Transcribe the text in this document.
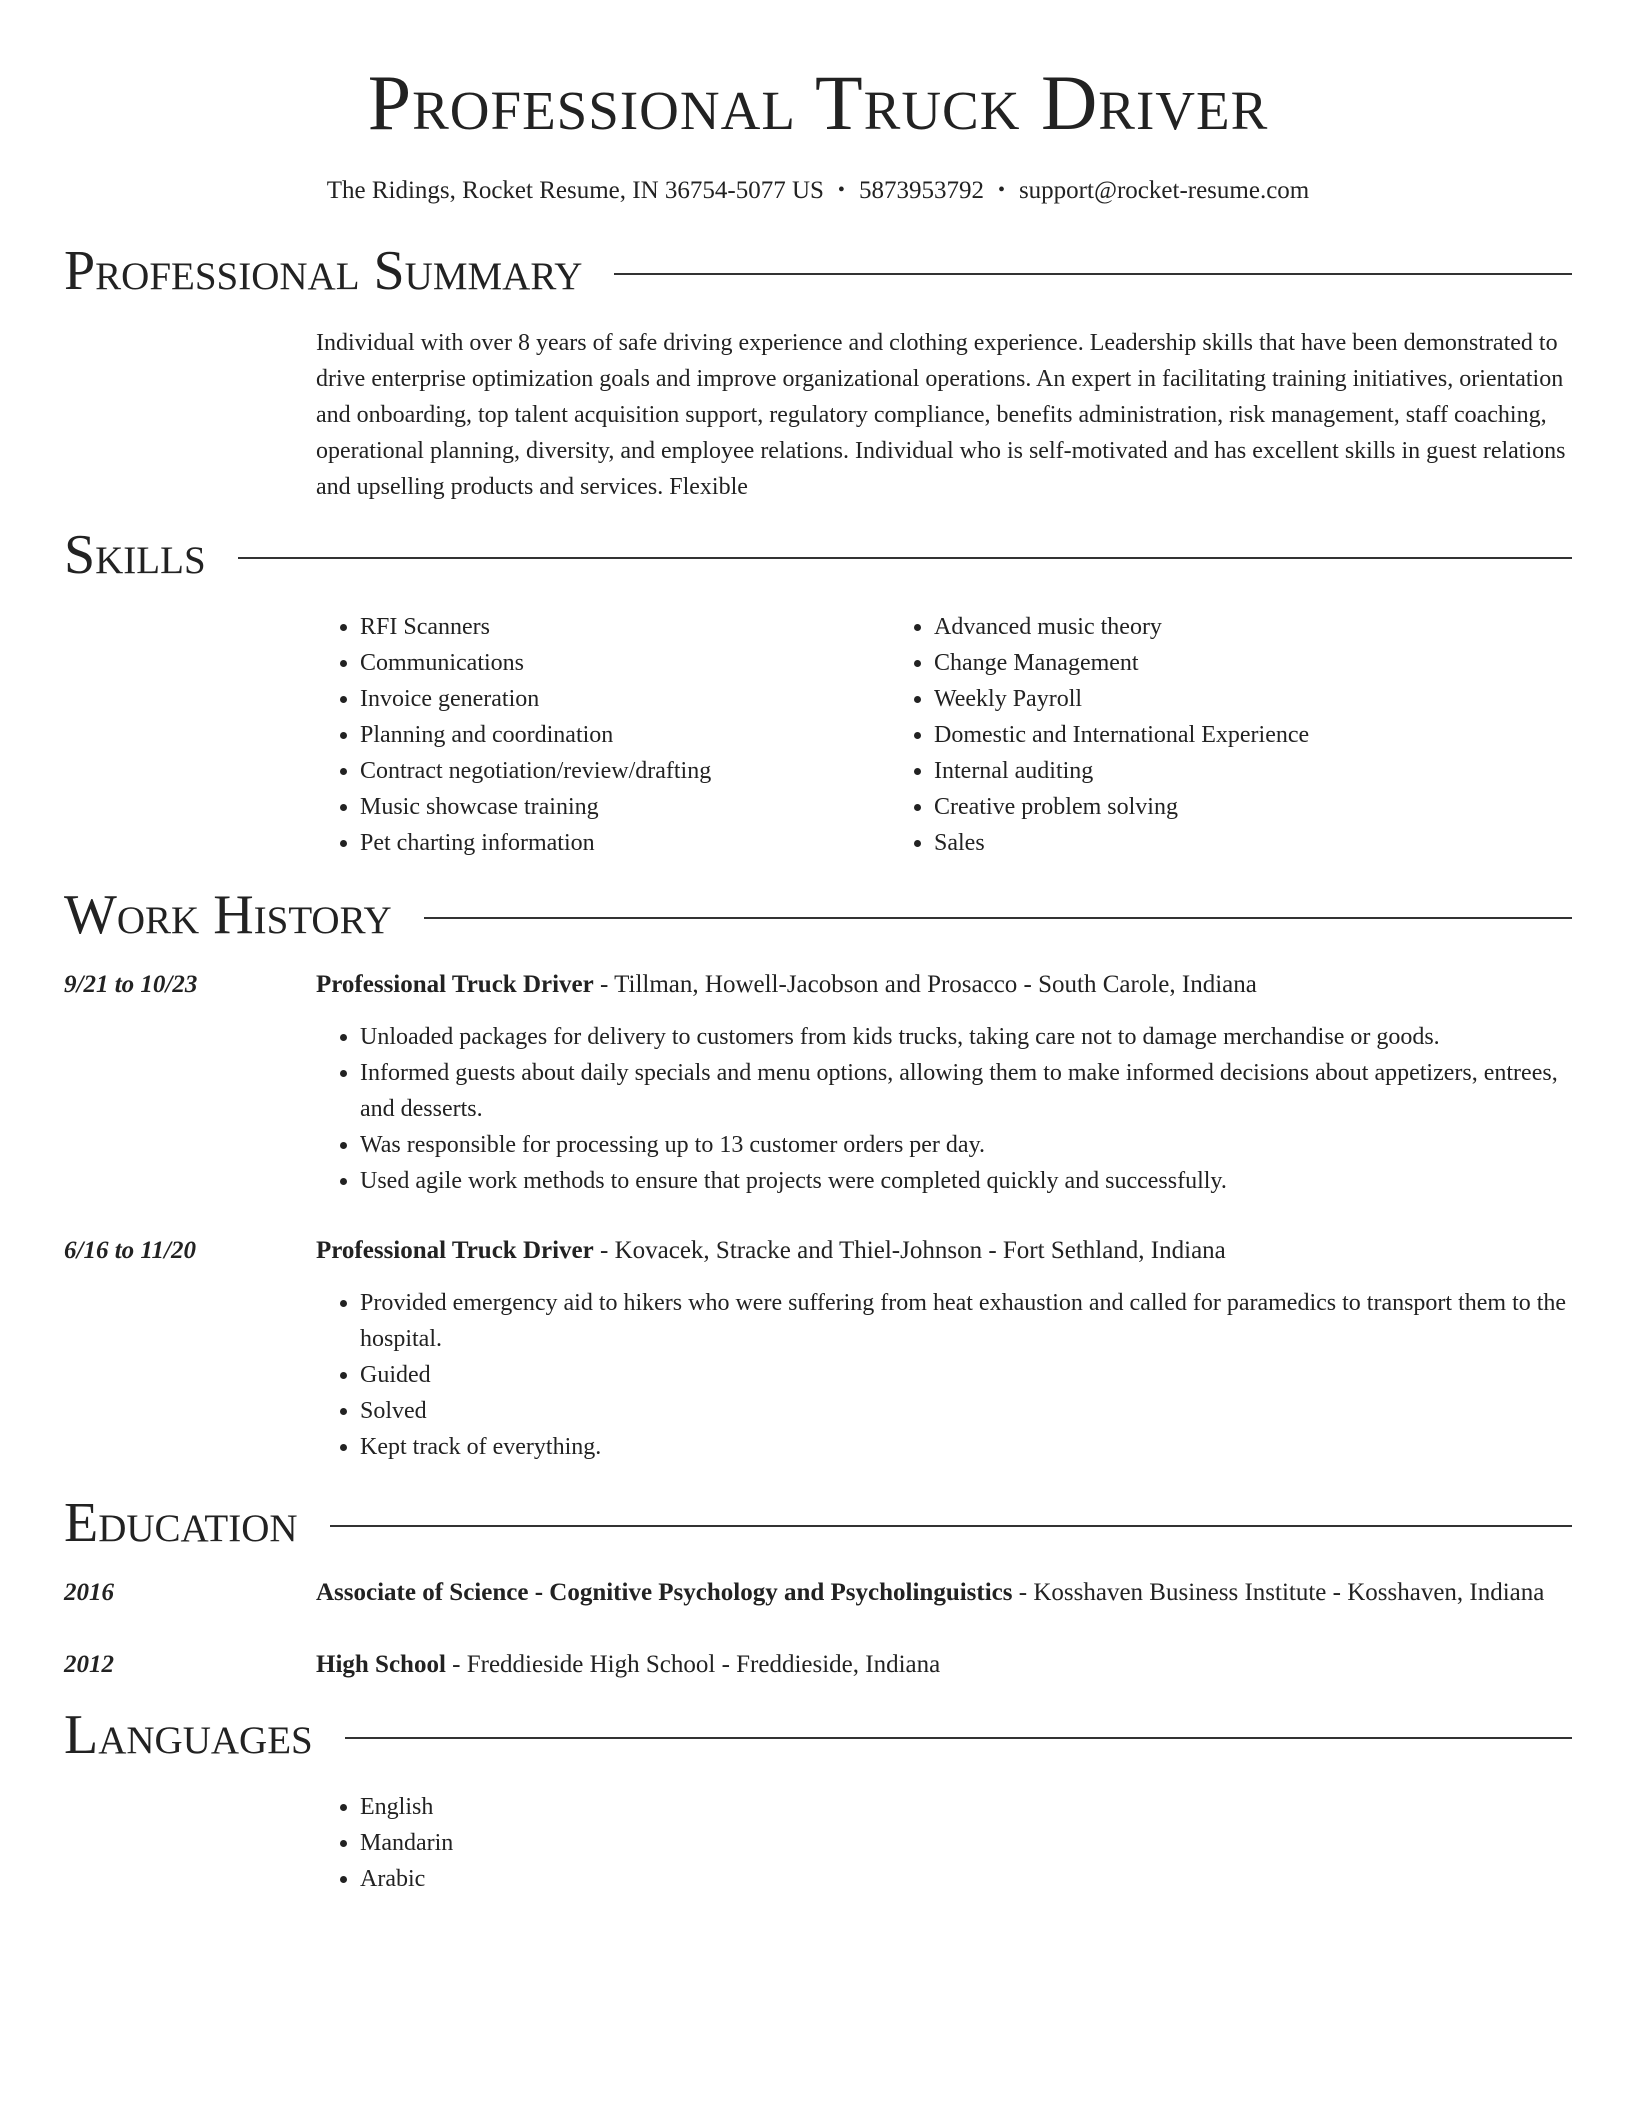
Professional Truck Driver
The Ridings, Rocket Resume, IN 36754-5077 US • 5873953792 • support@rocket-resume.com
Professional Summary

Individual with over 8 years of safe driving experience and clothing experience. Leadership skills that have been demonstrated to drive enterprise optimization goals and improve organizational operations. An expert in facilitating training initiatives, orientation and onboarding, top talent acquisition support, regulatory compliance, benefits administration, risk management, staff coaching, operational planning, diversity, and employee relations. Individual who is self-motivated and has excellent skills in guest relations and upselling products and services. Flexible

Skills
• RFI Scanners
• Communications
• Invoice generation
• Planning and coordination
• Contract negotiation/review/drafting
• Music showcase training
• Pet charting information
• Advanced music theory
• Change Management
• Weekly Payroll
• Domestic and International Experience
• Internal auditing
• Creative problem solving
• Sales
Work History
9/21 to 10/23	Professional Truck Driver - Tillman, Howell-Jacobson and Prosacco - South Carole, Indiana
• Unloaded packages for delivery to customers from kids trucks, taking care not to damage merchandise or goods.
• Informed guests about daily specials and menu options, allowing them to make informed decisions about appetizers, entrees, and desserts.
• Was responsible for processing up to 13 customer orders per day.
• Used agile work methods to ensure that projects were completed quickly and successfully.
6/16 to 11/20	Professional Truck Driver - Kovacek, Stracke and Thiel-Johnson - Fort Sethland, Indiana
• Provided emergency aid to hikers who were suffering from heat exhaustion and called for paramedics to transport them to the hospital.
• Guided
• Solved
• Kept track of everything.
Education
2016	Associate of Science - Cognitive Psychology and Psycholinguistics - Kosshaven Business Institute - Kosshaven, Indiana
2012	High School - Freddieside High School - Freddieside, Indiana
Languages
• English
• Mandarin
• Arabic
